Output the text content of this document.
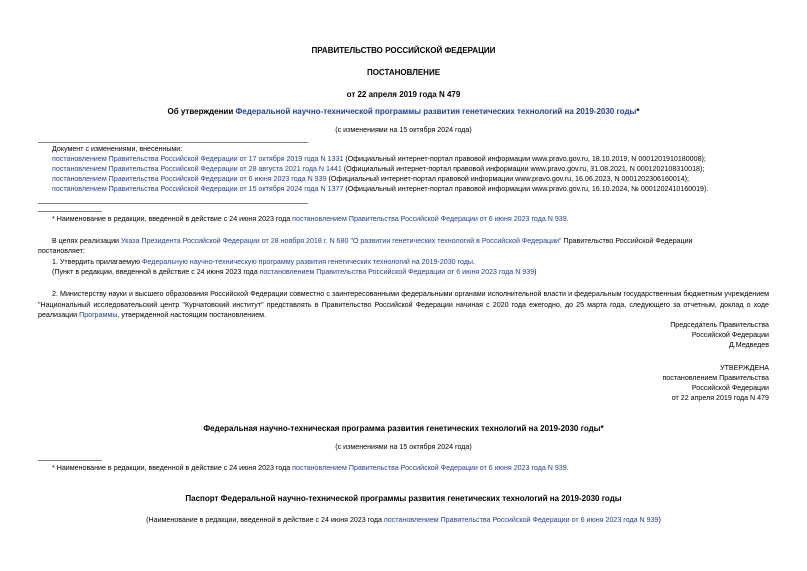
ПРАВИТЕЛЬСТВО РОССИЙСКОЙ ФЕДЕРАЦИИ
ПОСТАНОВЛЕНИЕ
от 22 апреля 2019 года N 479
Об утверждении Федеральной научно-технической программы развития генетических технологий на 2019-2030 годы*
(с изменениями на 15 октября 2024 года)
Документ с изменениями, внесенными:
постановлением Правительства Российской Федерации от 17 октября 2019 года N 1331 (Официальный интернет-портал правовой информации www.pravo.gov.ru, 18.10.2019, N 0001201910180008);
постановлением Правительства Российской Федерации от 28 августа 2021 года N 1441 (Официальный интернет-портал правовой информации www.pravo.gov.ru, 31.08.2021, N 0001202108310018);
постановлением Правительства Российской Федерации от 6 июня 2023 года N 939 (Официальный интернет-портал правовой информации www.pravo.gov.ru, 16.06.2023, N 0001202306160014);
постановлением Правительства Российской Федерации от 15 октября 2024 года N 1377 (Официальный интернет-портал правовой информации www.pravo.gov.ru, 16.10.2024, № 0001202410160019).
* Наименование в редакции, введенной в действие с 24 июня 2023 года постановлением Правительства Российской Федерации от 6 июня 2023 года N 939.
В целях реализации Указа Президента Российской Федерации от 28 ноября 2018 г. N 680 "О развитии генетических технологий в Российской Федерации" Правительство Российской Федерации
постановляет:
1. Утвердить прилагаемую Федеральную научно-техническую программу развития генетических технологий на 2019-2030 годы.
(Пункт в редакции, введенной в действие с 24 июня 2023 года постановлением Правительства Российской Федерации от 6 июня 2023 года N 939)
2. Министерству науки и высшего образования Российской Федерации совместно с заинтересованными федеральными органами исполнительной власти и федеральным государственным бюджетным учреждением "Национальный исследовательский центр "Курчатовский институт" представлять в Правительство Российской Федерации начиная с 2020 года ежегодно, до 25 марта года, следующего за отчетным, доклад о ходе реализации Программы, утвержденной настоящим постановлением.
Председатель Правительства
Российской Федерации
Д.Медведев
УТВЕРЖДЕНА
постановлением Правительства
Российской Федерации
от 22 апреля 2019 года N 479
Федеральная научно-техническая программа развития генетических технологий на 2019-2030 годы*
(с изменениями на 15 октября 2024 года)
* Наименование в редакции, введенной в действие с 24 июня 2023 года постановлением Правительства Российской Федерации от 6 июня 2023 года N 939.
Паспорт Федеральной научно-технической программы развития генетических технологий на 2019-2030 годы
(Наименование в редакции, введенной в действие с 24 июня 2023 года постановлением Правительства Российской Федерации от 6 июня 2023 года N 939)
